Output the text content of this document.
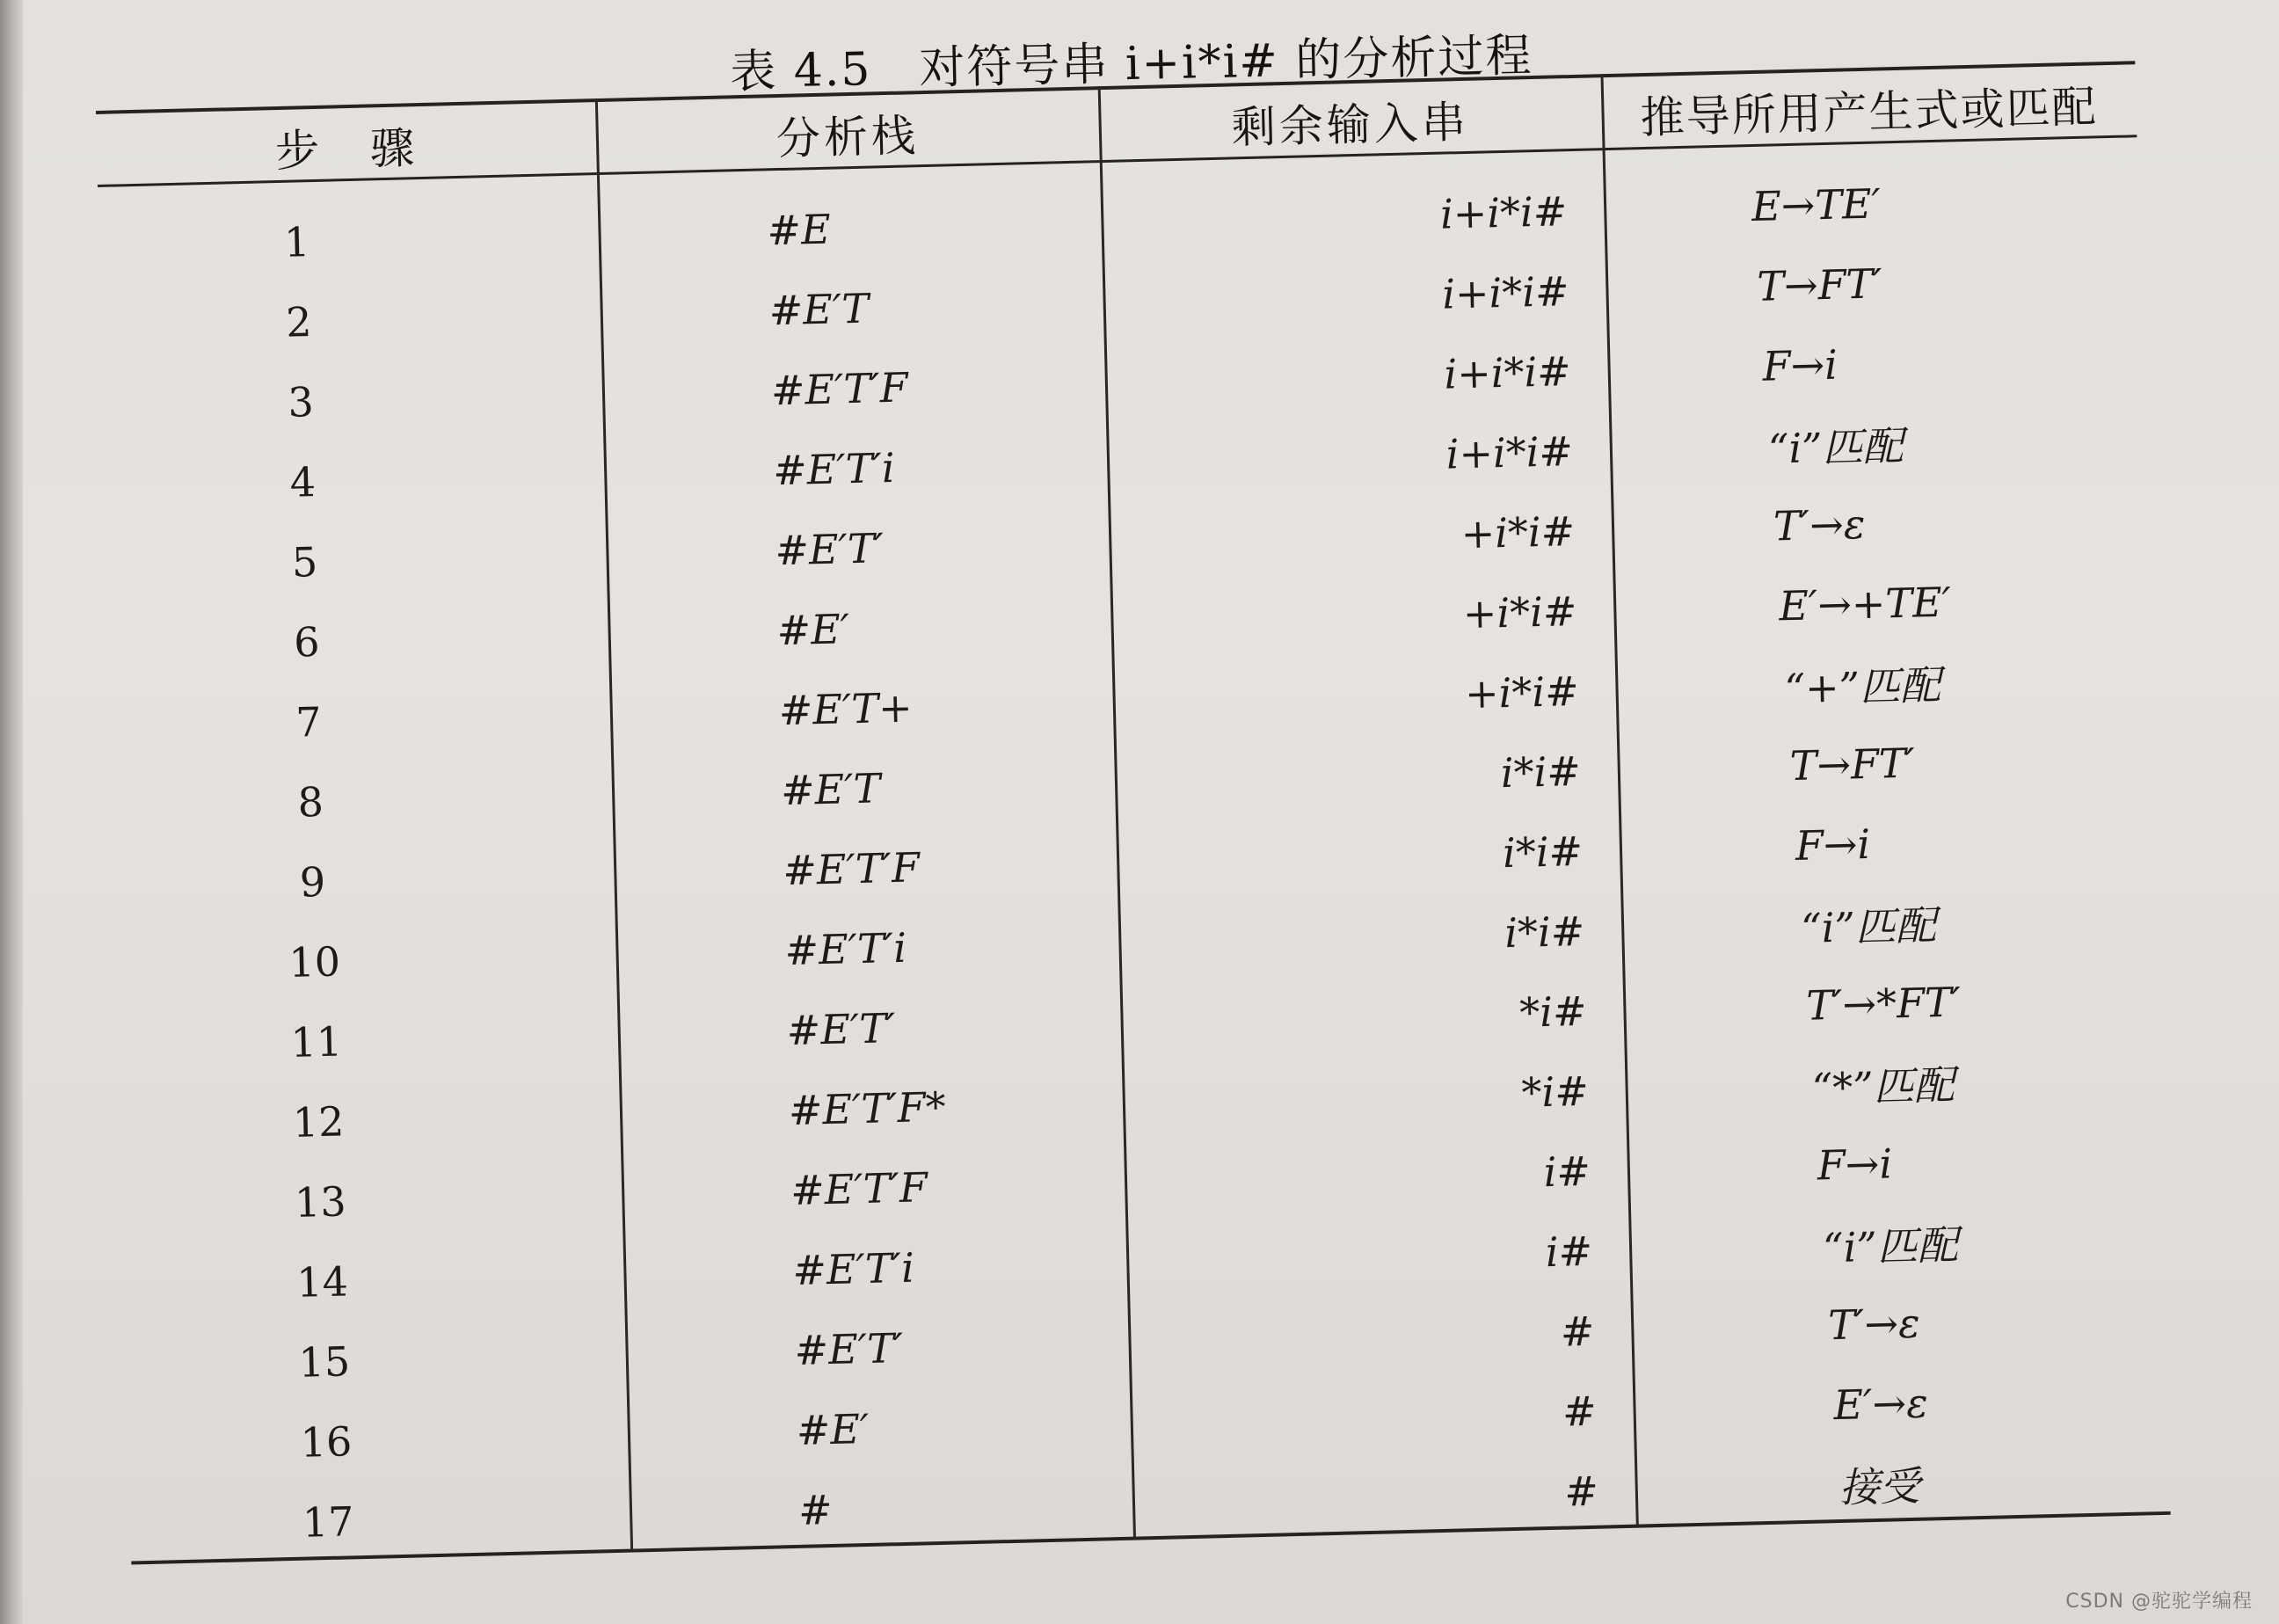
表 4.5　对符号串 i+i*i# 的分析过程
步　骤	分析栈	剩余输入串	推导所用产生式或匹配
1	#E	i+i*i#	E→TE′
2	#E′T	i+i*i#	T→FT′
3	#E′T′F	i+i*i#	F→i
4	#E′T′i	i+i*i#	“i”匹配
5	#E′T′	+i*i#	T′→ε
6	#E′	+i*i#	E′→+TE′
7	#E′T+	+i*i#	“+”匹配
8	#E′T	i*i#	T→FT′
9	#E′T′F	i*i#	F→i
10	#E′T′i	i*i#	“i”匹配
11	#E′T′	*i#	T′→*FT′
12	#E′T′F*	*i#	“*”匹配
13	#E′T′F	i#	F→i
14	#E′T′i	i#	“i”匹配
15	#E′T′	#	T′→ε
16	#E′	#	E′→ε
17	#	#	接受
CSDN @驼驼学编程
